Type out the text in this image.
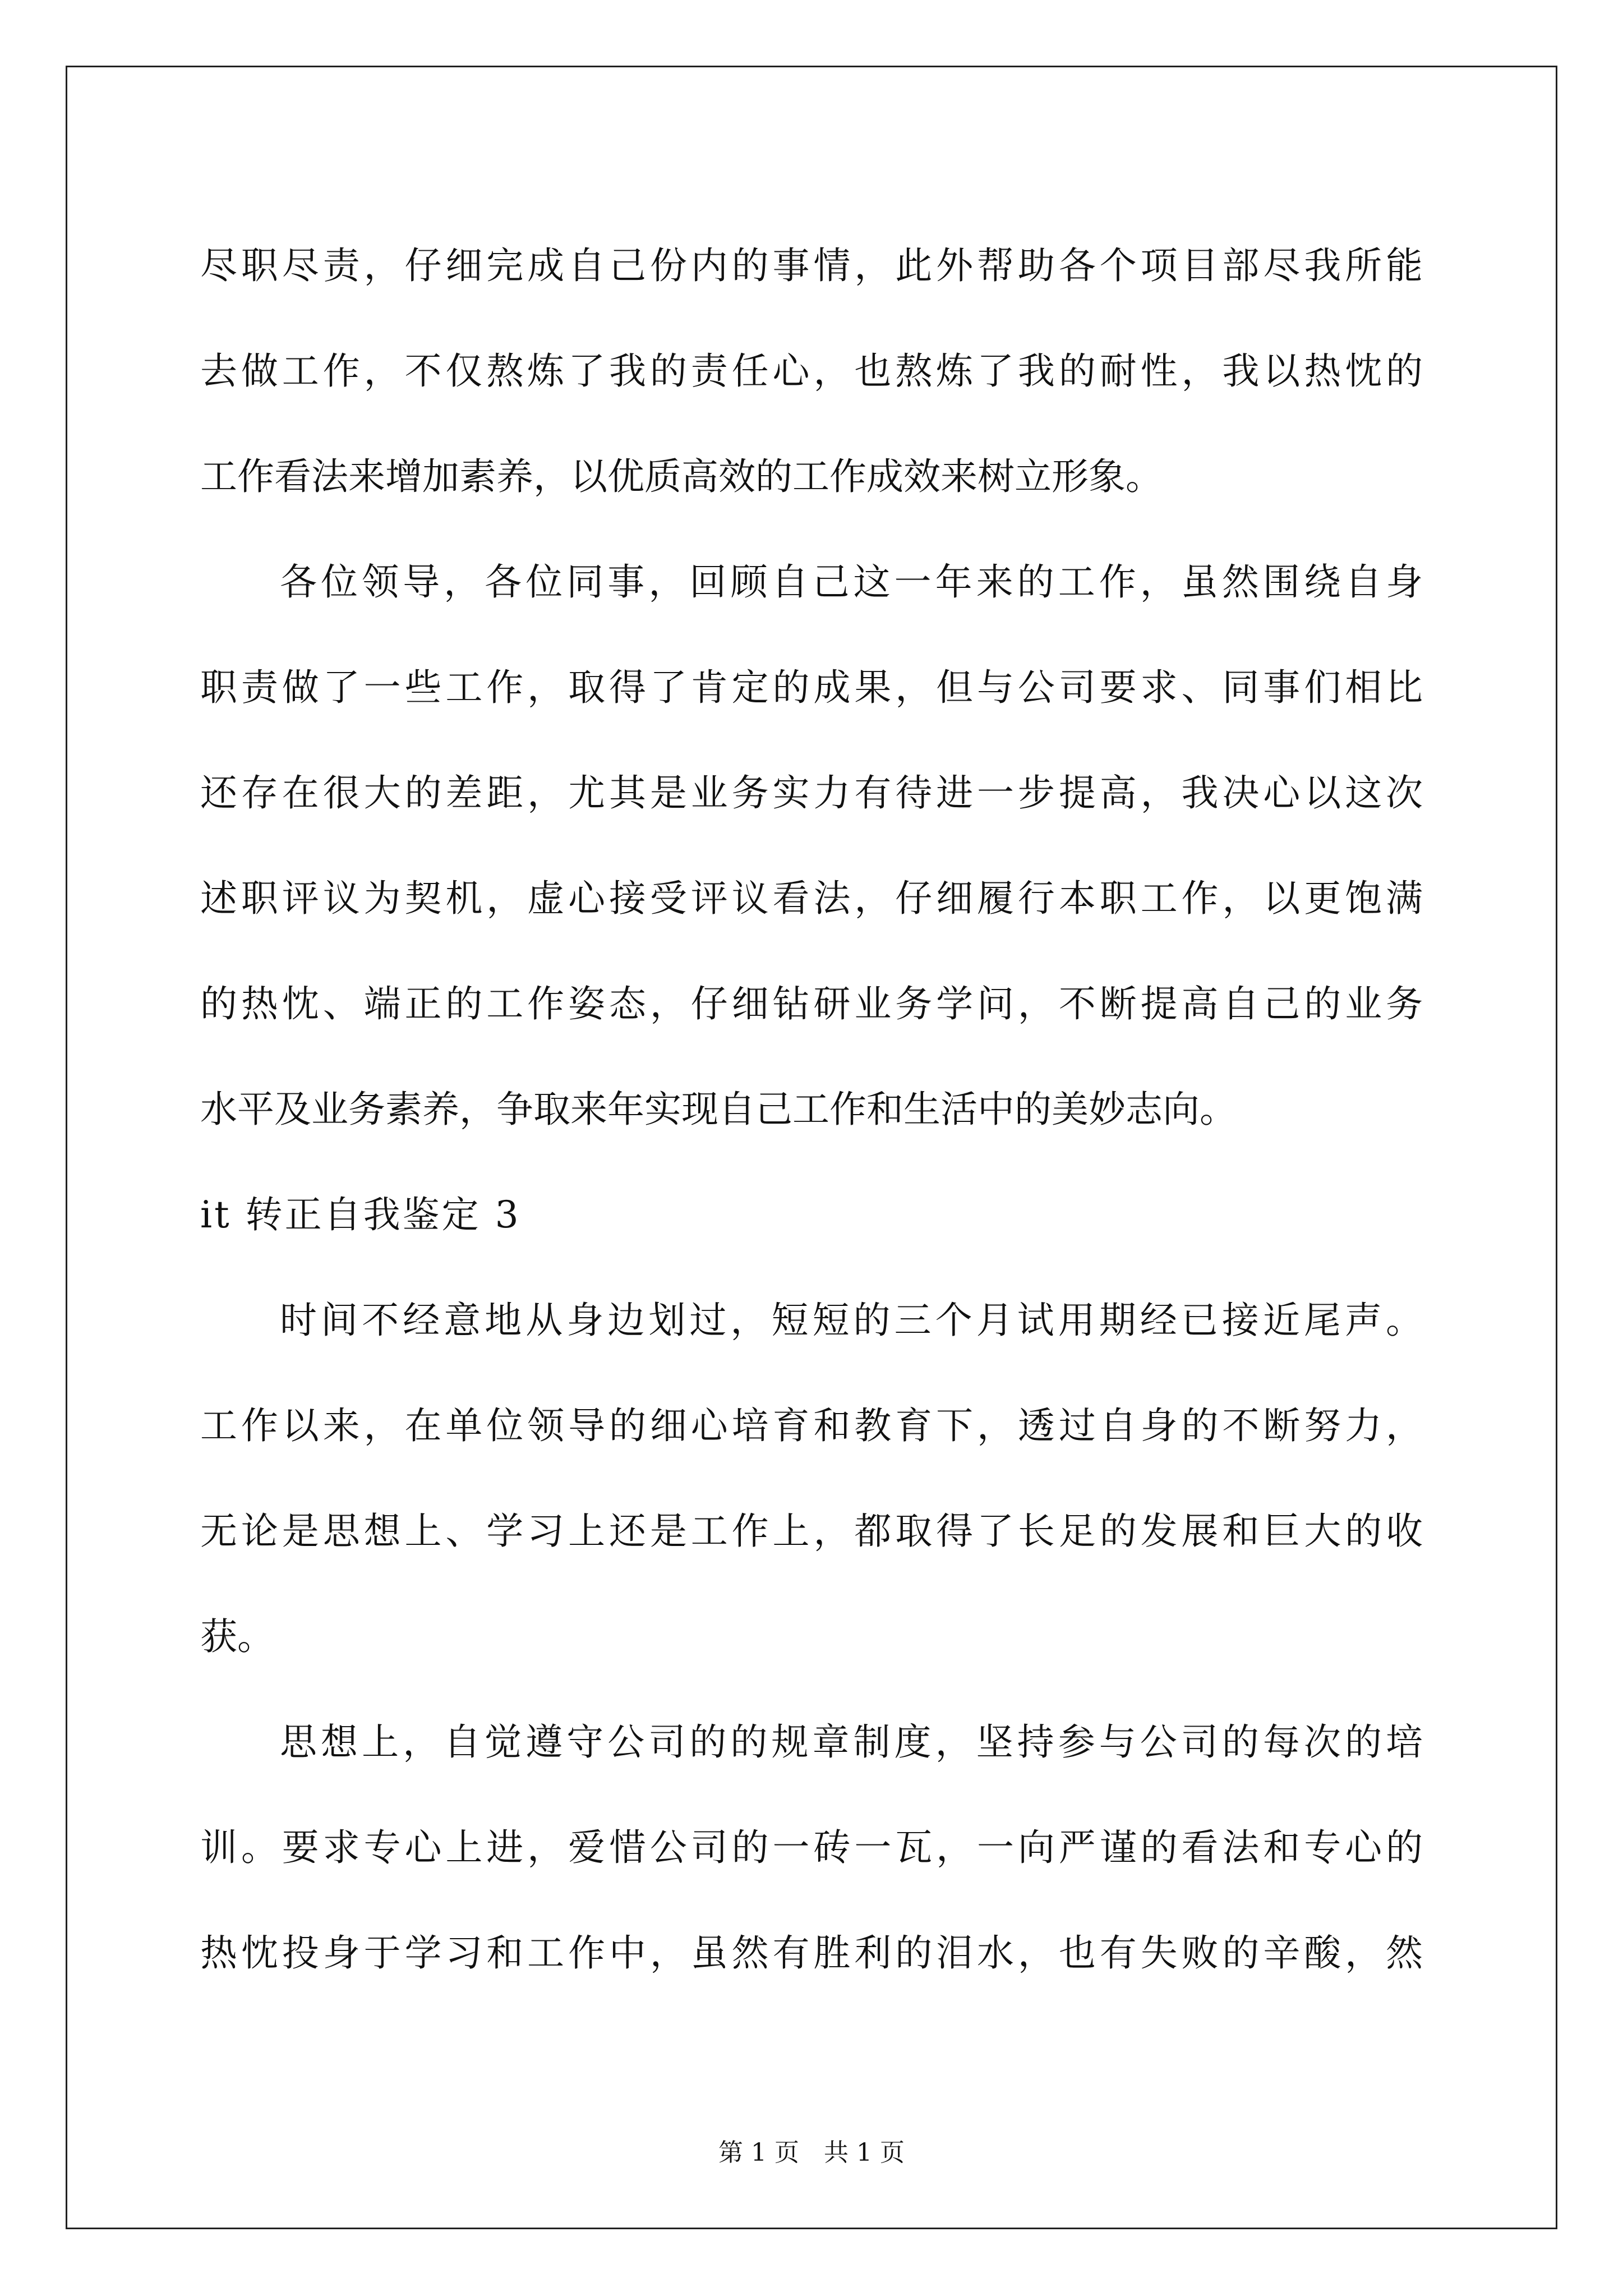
尽职尽责，仔细完成自己份内的事情，此外帮助各个项目部尽我所能
去做工作，不仅熬炼了我的责任心，也熬炼了我的耐性，我以热忱的
工作看法来增加素养，以优质高效的工作成效来树立形象。
各位领导，各位同事，回顾自己这一年来的工作，虽然围绕自身
职责做了一些工作，取得了肯定的成果，但与公司要求、同事们相比
还存在很大的差距，尤其是业务实力有待进一步提高，我决心以这次
述职评议为契机，虚心接受评议看法，仔细履行本职工作，以更饱满
的热忱、端正的工作姿态，仔细钻研业务学问，不断提高自己的业务
水平及业务素养，争取来年实现自己工作和生活中的美妙志向。
it 转正自我鉴定 3
时间不经意地从身边划过，短短的三个月试用期经已接近尾声。
工作以来，在单位领导的细心培育和教育下，透过自身的不断努力，
无论是思想上、学习上还是工作上，都取得了长足的发展和巨大的收
获。
思想上，自觉遵守公司的的规章制度，坚持参与公司的每次的培
训。要求专心上进，爱惜公司的一砖一瓦，一向严谨的看法和专心的
热忱投身于学习和工作中，虽然有胜利的泪水，也有失败的辛酸，然
第 1 页 共 1 页
